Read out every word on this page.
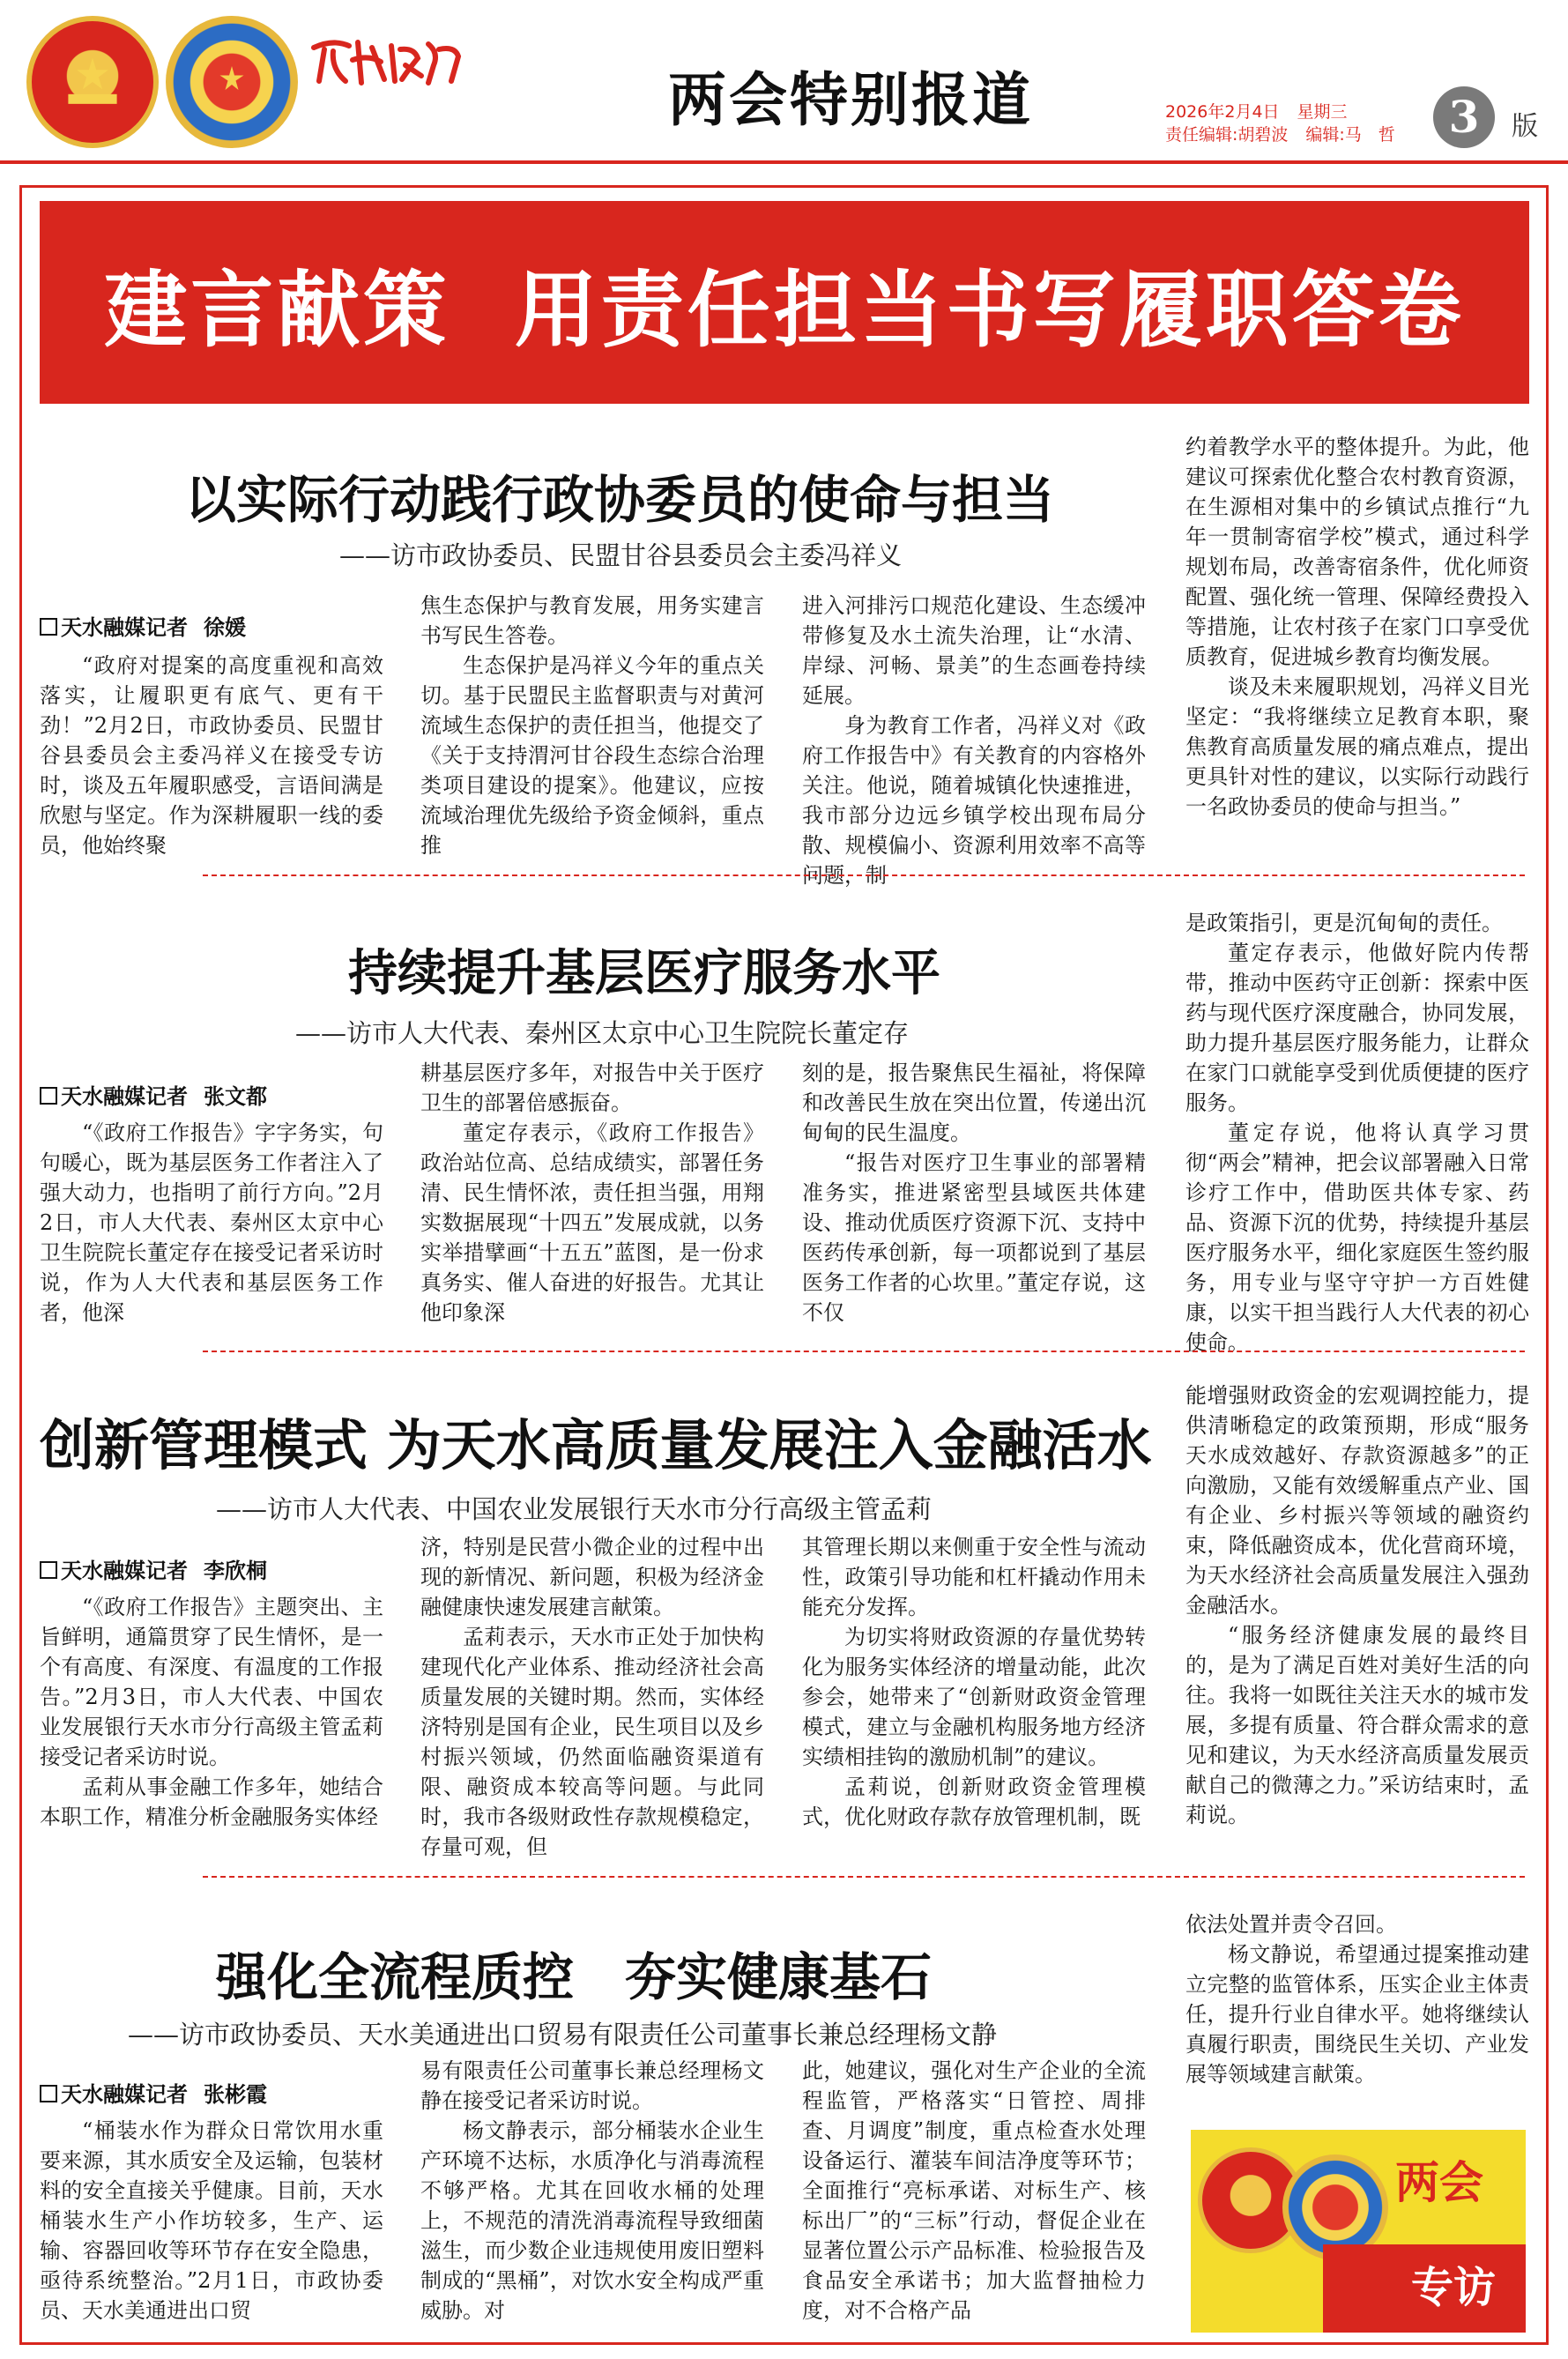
两会特别报道	2026年2月4日 星期三
责任编辑:胡碧波 编辑:马　哲	3	版
建言献策  用责任担当书写履职答卷
以实际行动践行政协委员的使命与担当
——访市政协委员、民盟甘谷县委员会主委冯祥义
天水融媒记者 徐媛

“政府对提案的高度重视和高效落实，让履职更有底气、更有干劲！”2月2日，市政协委员、民盟甘谷县委员会主委冯祥义在接受专访时，谈及五年履职感受，言语间满是欣慰与坚定。作为深耕履职一线的委员，他始终聚

焦生态保护与教育发展，用务实建言书写民生答卷。

生态保护是冯祥义今年的重点关切。基于民盟民主监督职责与对黄河流域生态保护的责任担当，他提交了《关于支持渭河甘谷段生态综合治理类项目建设的提案》。他建议，应按流域治理优先级给予资金倾斜，重点推

进入河排污口规范化建设、生态缓冲带修复及水土流失治理，让“水清、岸绿、河畅、景美”的生态画卷持续延展。

身为教育工作者，冯祥义对《政府工作报告中》有关教育的内容格外关注。他说，随着城镇化快速推进，我市部分边远乡镇学校出现布局分散、规模偏小、资源利用效率不高等问题，制

约着教学水平的整体提升。为此，他建议可探索优化整合农村教育资源，在生源相对集中的乡镇试点推行“九年一贯制寄宿学校”模式，通过科学规划布局，改善寄宿条件，优化师资配置、强化统一管理、保障经费投入等措施，让农村孩子在家门口享受优质教育，促进城乡教育均衡发展。

谈及未来履职规划，冯祥义目光坚定：“我将继续立足教育本职，聚焦教育高质量发展的痛点难点，提出更具针对性的建议，以实际行动践行一名政协委员的使命与担当。”

持续提升基层医疗服务水平
——访市人大代表、秦州区太京中心卫生院院长董定存
天水融媒记者 张文都

“《政府工作报告》字字务实，句句暖心，既为基层医务工作者注入了强大动力，也指明了前行方向。”2月2日，市人大代表、秦州区太京中心卫生院院长董定存在接受记者采访时说，作为人大代表和基层医务工作者，他深

耕基层医疗多年，对报告中关于医疗卫生的部署倍感振奋。

董定存表示，《政府工作报告》政治站位高、总结成绩实，部署任务清、民生情怀浓，责任担当强，用翔实数据展现“十四五”发展成就，以务实举措擘画“十五五”蓝图，是一份求真务实、催人奋进的好报告。尤其让他印象深

刻的是，报告聚焦民生福祉，将保障和改善民生放在突出位置，传递出沉甸甸的民生温度。

“报告对医疗卫生事业的部署精准务实，推进紧密型县域医共体建设、推动优质医疗资源下沉、支持中医药传承创新，每一项都说到了基层医务工作者的心坎里。”董定存说，这不仅

是政策指引，更是沉甸甸的责任。

董定存表示，他做好院内传帮带，推动中医药守正创新：探索中医药与现代医疗深度融合，协同发展，助力提升基层医疗服务能力，让群众在家门口就能享受到优质便捷的医疗服务。

董定存说，他将认真学习贯彻“两会”精神，把会议部署融入日常诊疗工作中，借助医共体专家、药品、资源下沉的优势，持续提升基层医疗服务水平，细化家庭医生签约服务，用专业与坚守守护一方百姓健康，以实干担当践行人大代表的初心使命。

创新管理模式 为天水高质量发展注入金融活水
——访市人大代表、中国农业发展银行天水市分行高级主管孟莉
天水融媒记者 李欣桐

“《政府工作报告》主题突出、主旨鲜明，通篇贯穿了民生情怀，是一个有高度、有深度、有温度的工作报告。”2月3日，市人大代表、中国农业发展银行天水市分行高级主管孟莉接受记者采访时说。

孟莉从事金融工作多年，她结合本职工作，精准分析金融服务实体经

济，特别是民营小微企业的过程中出现的新情况、新问题，积极为经济金融健康快速发展建言献策。

孟莉表示，天水市正处于加快构建现代化产业体系、推动经济社会高质量发展的关键时期。然而，实体经济特别是国有企业，民生项目以及乡村振兴领域，仍然面临融资渠道有限、融资成本较高等问题。与此同时，我市各级财政性存款规模稳定，存量可观，但

其管理长期以来侧重于安全性与流动性，政策引导功能和杠杆撬动作用未能充分发挥。

为切实将财政资源的存量优势转化为服务实体经济的增量动能，此次参会，她带来了“创新财政资金管理模式，建立与金融机构服务地方经济实绩相挂钩的激励机制”的建议。

孟莉说，创新财政资金管理模式，优化财政存款存放管理机制，既

能增强财政资金的宏观调控能力，提供清晰稳定的政策预期，形成“服务天水成效越好、存款资源越多”的正向激励，又能有效缓解重点产业、国有企业、乡村振兴等领域的融资约束，降低融资成本，优化营商环境，为天水经济社会高质量发展注入强劲金融活水。

“服务经济健康发展的最终目的，是为了满足百姓对美好生活的向往。我将一如既往关注天水的城市发展，多提有质量、符合群众需求的意见和建议，为天水经济高质量发展贡献自己的微薄之力。”采访结束时，孟莉说。

强化全流程质控　夯实健康基石
——访市政协委员、天水美通进出口贸易有限责任公司董事长兼总经理杨文静
天水融媒记者 张彬霞

“桶装水作为群众日常饮用水重要来源，其水质安全及运输，包装材料的安全直接关乎健康。目前，天水桶装水生产小作坊较多，生产、运输、容器回收等环节存在安全隐患，亟待系统整治。”2月1日，市政协委员、天水美通进出口贸

易有限责任公司董事长兼总经理杨文静在接受记者采访时说。

杨文静表示，部分桶装水企业生产环境不达标，水质净化与消毒流程不够严格。尤其在回收水桶的处理上，不规范的清洗消毒流程导致细菌滋生，而少数企业违规使用废旧塑料制成的“黑桶”，对饮水安全构成严重威胁。对

此，她建议，强化对生产企业的全流程监管，严格落实“日管控、周排查、月调度”制度，重点检查水处理设备运行、灌装车间洁净度等环节；全面推行“亮标承诺、对标生产、核标出厂”的“三标”行动，督促企业在显著位置公示产品标准、检验报告及食品安全承诺书；加大监督抽检力度，对不合格产品

依法处置并责令召回。

杨文静说，希望通过提案推动建立完整的监管体系，压实企业主体责任，提升行业自律水平。她将继续认真履行职责，围绕民生关切、产业发展等领域建言献策。

两会
专访
